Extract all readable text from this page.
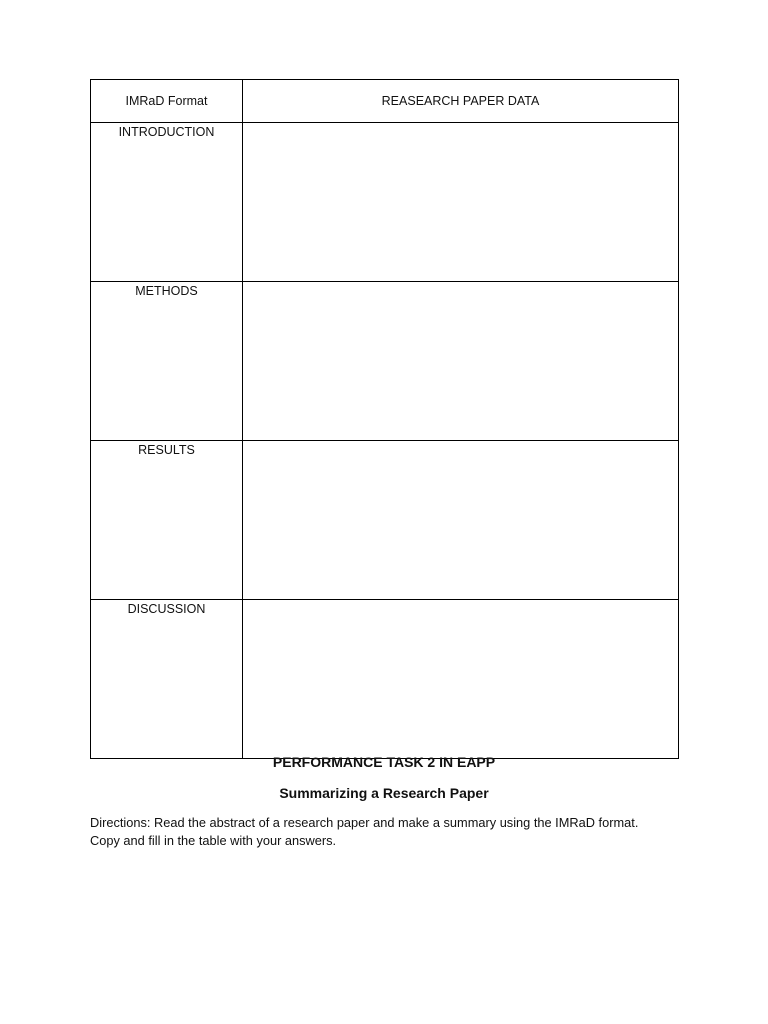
IMRaD Format	REASEARCH PAPER DATA
INTRODUCTION	
METHODS	
RESULTS	
DISCUSSION	
PERFORMANCE TASK 2 IN EAPP
Summarizing a Research Paper
Directions: Read the abstract of a research paper and make a summary using the IMRaD format.
Copy and fill in the table with your answers.
